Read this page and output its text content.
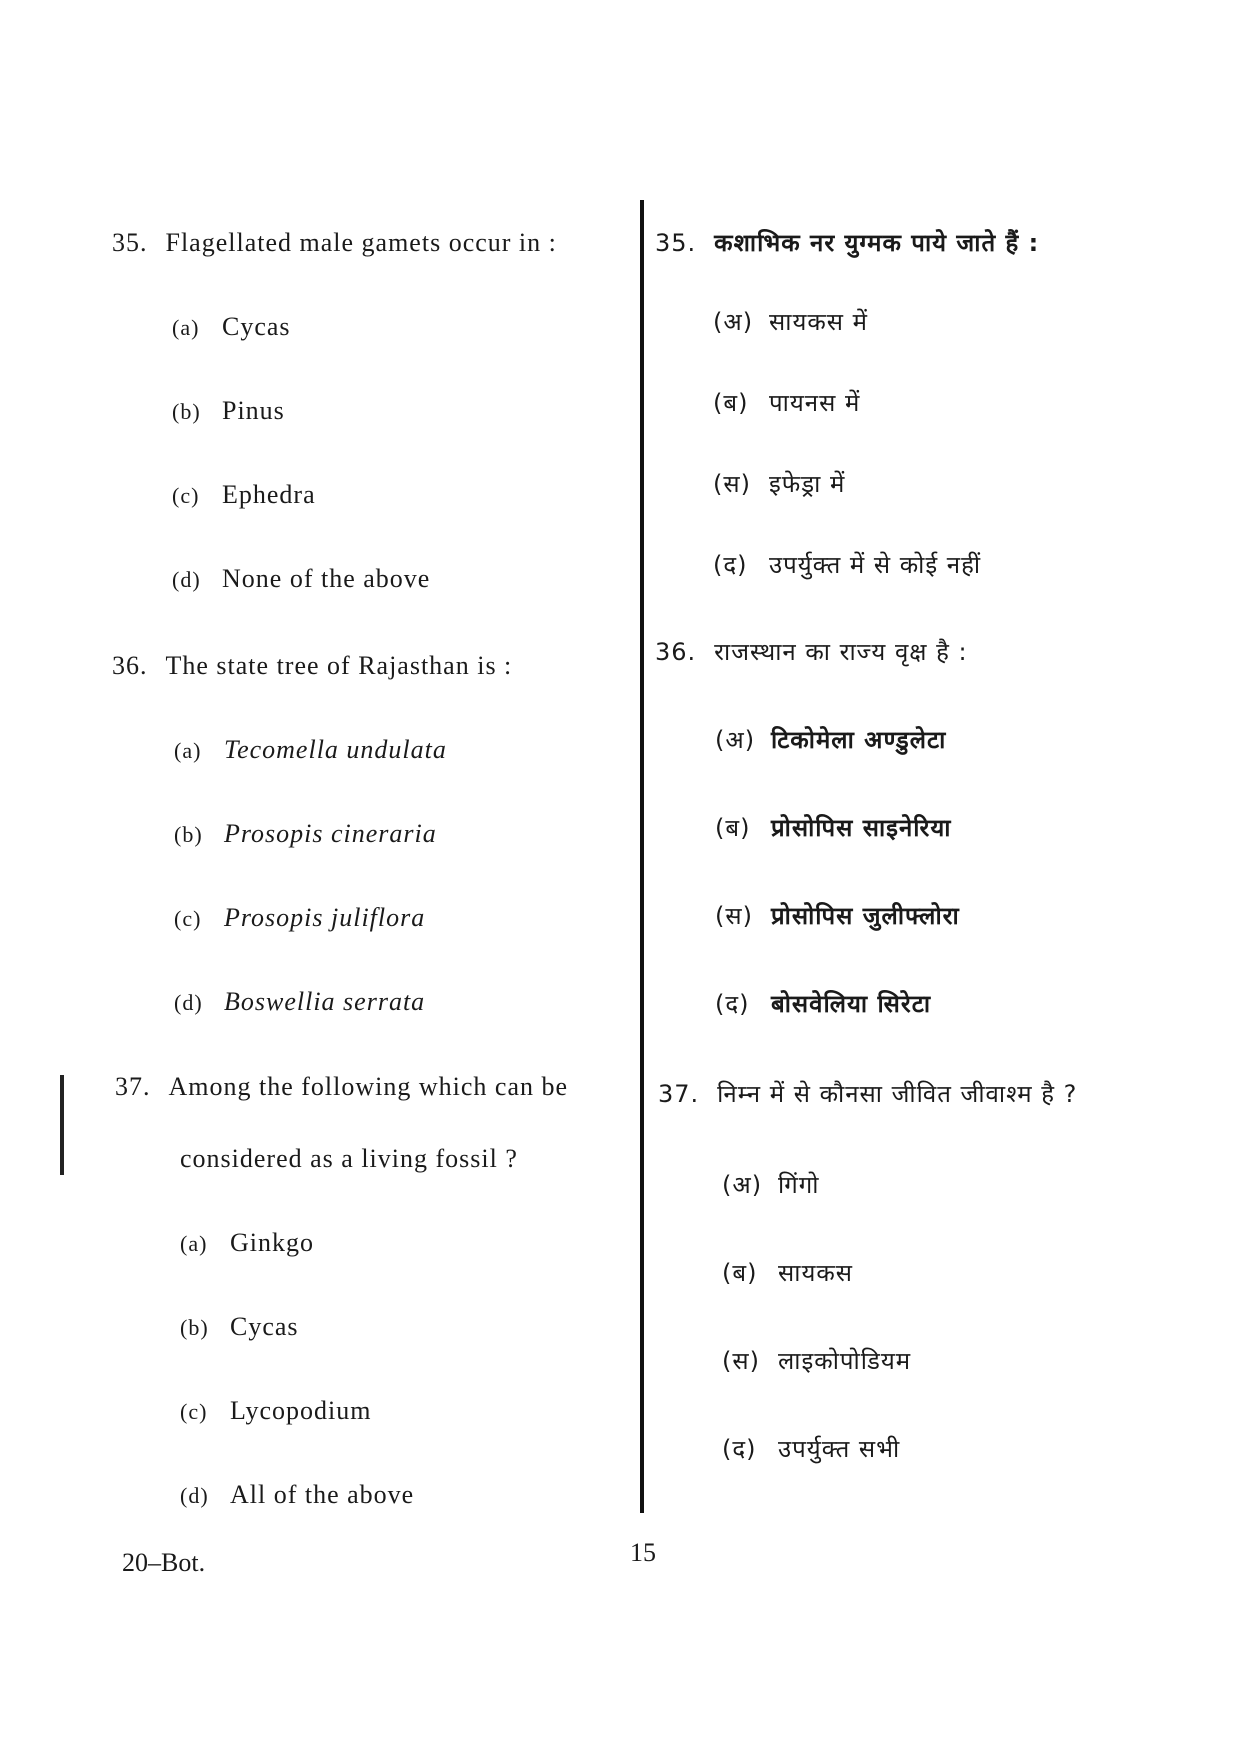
35. Flagellated male gamets occur in :
(a) Cycas
(b) Pinus
(c) Ephedra
(d) None of the above
36. The state tree of Rajasthan is :
(a) Tecomella undulata
(b) Prosopis cineraria
(c) Prosopis juliflora
(d) Boswellia serrata
37. Among the following which can be
considered as a living fossil ?
(a) Ginkgo
(b) Cycas
(c) Lycopodium
(d) All of the above
35. कशाभिक नर युग्मक पाये जाते हैं :
(अ) सायकस में
(ब) पायनस में
(स) इफेड्रा में
(द) उपर्युक्त में से कोई नहीं
36. राजस्थान का राज्य वृक्ष है :
(अ) टिकोमेला अण्डुलेटा
(ब) प्रोसोपिस साइनेरिया
(स) प्रोसोपिस जुलीफ्लोरा
(द) बोसवेलिया सिरेटा
37. निम्न में से कौनसा जीवित जीवाश्म है ?
(अ) गिंगो
(ब) सायकस
(स) लाइकोपोडियम
(द) उपर्युक्त सभी
20–Bot.	15
